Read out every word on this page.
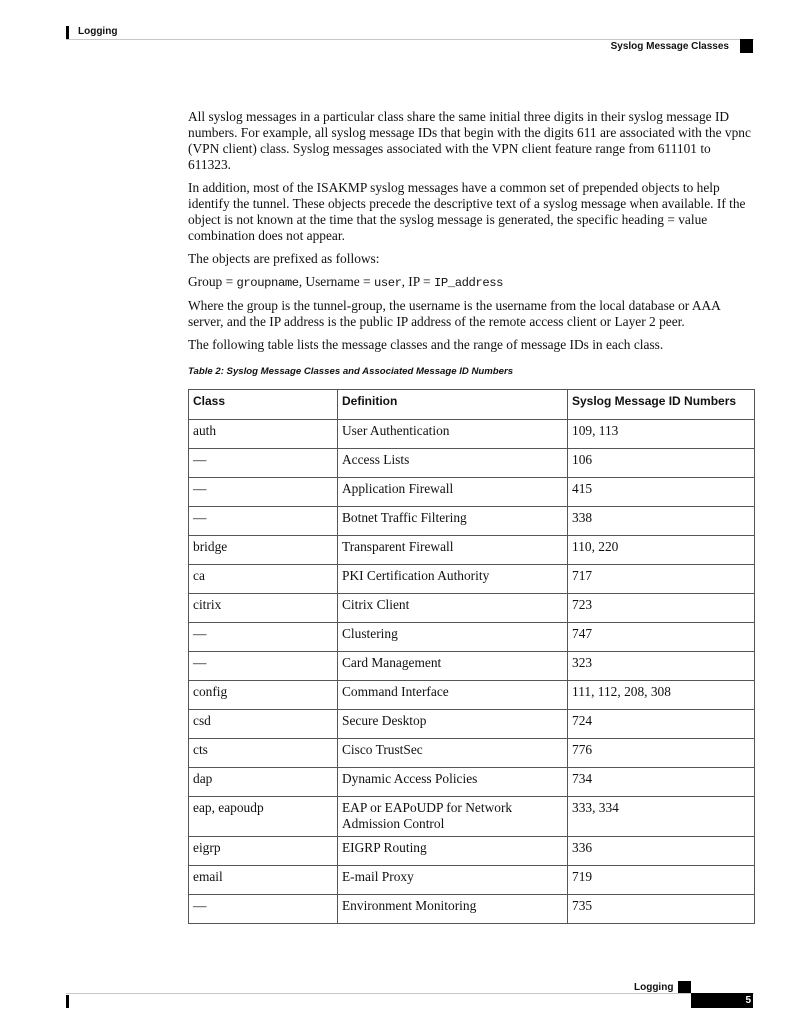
Logging
Syslog Message Classes

All syslog messages in a particular class share the same initial three digits in their syslog message ID numbers. For example, all syslog message IDs that begin with the digits 611 are associated with the vpnc (VPN client) class. Syslog messages associated with the VPN client feature range from 611101 to 611323.

In addition, most of the ISAKMP syslog messages have a common set of prepended objects to help identify the tunnel. These objects precede the descriptive text of a syslog message when available. If the object is not known at the time that the syslog message is generated, the specific heading = value combination does not appear.

The objects are prefixed as follows:

Group = groupname, Username = user, IP = IP_address

Where the group is the tunnel-group, the username is the username from the local database or AAA server, and the IP address is the public IP address of the remote access client or Layer 2 peer.

The following table lists the message classes and the range of message IDs in each class.

Table 2: Syslog Message Classes and Associated Message ID Numbers
Class	Definition	Syslog Message ID Numbers
auth	User Authentication	109, 113
—	Access Lists	106
—	Application Firewall	415
—	Botnet Traffic Filtering	338
bridge	Transparent Firewall	110, 220
ca	PKI Certification Authority	717
citrix	Citrix Client	723
—	Clustering	747
—	Card Management	323
config	Command Interface	111, 112, 208, 308
csd	Secure Desktop	724
cts	Cisco TrustSec	776
dap	Dynamic Access Policies	734
eap, eapoudp	EAP or EAPoUDP for Network Admission Control	333, 334
eigrp	EIGRP Routing	336
email	E-mail Proxy	719
—	Environment Monitoring	735
Logging
5
